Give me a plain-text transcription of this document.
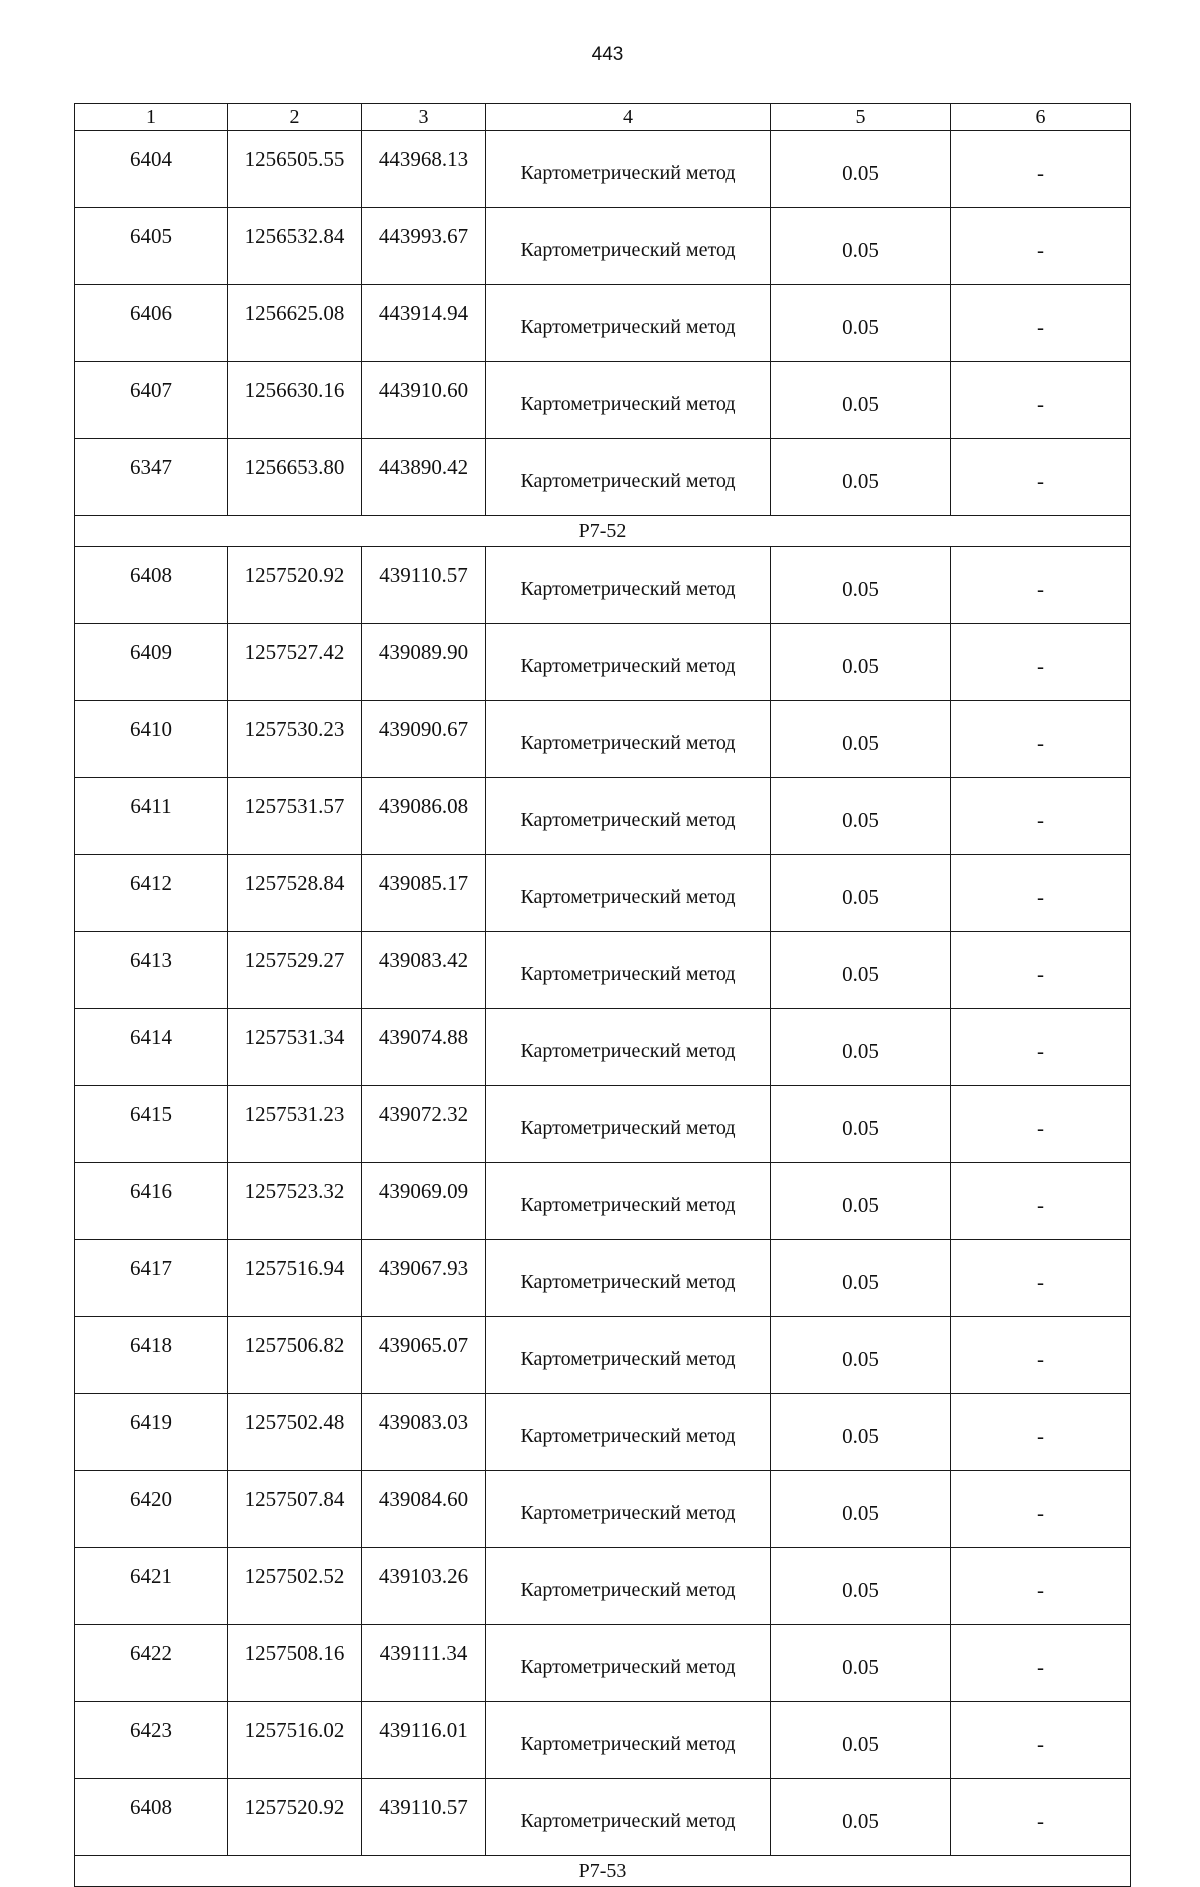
443
1	2	3	4	5	6
6404	1256505.55	443968.13	Картометрический метод	0.05	-
6405	1256532.84	443993.67	Картометрический метод	0.05	-
6406	1256625.08	443914.94	Картометрический метод	0.05	-
6407	1256630.16	443910.60	Картометрический метод	0.05	-
6347	1256653.80	443890.42	Картометрический метод	0.05	-
Р7-52					
6408	1257520.92	439110.57	Картометрический метод	0.05	-
6409	1257527.42	439089.90	Картометрический метод	0.05	-
6410	1257530.23	439090.67	Картометрический метод	0.05	-
6411	1257531.57	439086.08	Картометрический метод	0.05	-
6412	1257528.84	439085.17	Картометрический метод	0.05	-
6413	1257529.27	439083.42	Картометрический метод	0.05	-
6414	1257531.34	439074.88	Картометрический метод	0.05	-
6415	1257531.23	439072.32	Картометрический метод	0.05	-
6416	1257523.32	439069.09	Картометрический метод	0.05	-
6417	1257516.94	439067.93	Картометрический метод	0.05	-
6418	1257506.82	439065.07	Картометрический метод	0.05	-
6419	1257502.48	439083.03	Картометрический метод	0.05	-
6420	1257507.84	439084.60	Картометрический метод	0.05	-
6421	1257502.52	439103.26	Картометрический метод	0.05	-
6422	1257508.16	439111.34	Картометрический метод	0.05	-
6423	1257516.02	439116.01	Картометрический метод	0.05	-
6408	1257520.92	439110.57	Картометрический метод	0.05	-
Р7-53					
